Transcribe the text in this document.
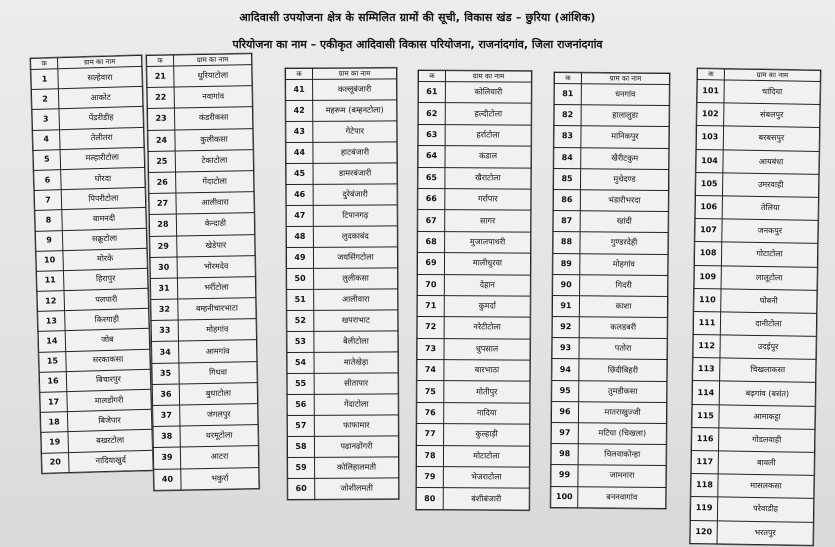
आदिवासी उपयोजना क्षेत्र के सम्मिलित ग्रामों की सूची, विकास खंड – छुरिया (आंशिक)
परियोजना का नाम – एकीकृत आदिवासी विकास परियोजना, राजनांदगांव, जिला राजनांदगांव
क	ग्राम का नाम
1	सल्हेवारा
2	आकोट
3	पेंडरीडीह
4	तेलीतरा
5	मल्हारीटोला
6	घोरदा
7	पिपरीटोला
8	बामनदी
9	सक्रूटोला
10	मोरके
11	हिरापुर
12	पलपारी
13	किरगाड़ी
14	जोब
15	सरकाकसा
16	बिचारपुर
17	मालडोंगरी
18	बिजेपार
19	बखरटोला
20	नादियाखुर्द
क	ग्राम का नाम
21	धुरियाटोला
22	नवागांव
23	कंडरीकसा
24	कुलीकसा
25	टेकाटोला
26	गेंदाटोला
27	आलीवारा
28	केन्दाडी
29	खेडेपार
30	भोरमदेव
31	भर्रीटोला
32	बम्हनीचारभाटा
33	मोहगांव
34	आमगांव
35	गिधवा
36	बुधाटोला
37	जंगलपुर
38	धरमूटोला
39	आटरा
40	भकुर्रा
क	ग्राम का नाम
41	कल्लूबंजारी
42	महरूम (बम्हनटोला)
43	गेटेपार
44	हाटबंजारी
45	डामरबंजारी
46	दुरेबंजारी
47	टिपानगढ़
48	लुदकाबंद
49	जयसिंगटोला
50	लुलीकसा
51	आलीवारा
52	खपराभाट
53	बैलीटोला
54	मातेखेड़ा
55	सीतापार
56	गेंदाटोला
57	फाफामार
58	पढानढोंगरी
59	कोलिहालमती
60	जोशीलमती
क	ग्राम का नाम
61	कोलियारी
62	हल्दीटोला
63	हर्राटोला
64	कंडाल
65	खैराटोला
66	गर्रापार
67	सागर
68	मुजालपाथरी
69	मालीधुरवा
70	देहान
71	कुमर्दा
72	नरेटीटोला
73	धुपसाल
74	बारभाठा
75	मोतीपुर
76	नादिया
77	कुल्हाड़ी
78	मोटाटोला
79	भेजराटोला
80	बंशीबंजारी
क	ग्राम का नाम
81	धनगांव
82	हालालुडा
83	मानिकपुर
84	खैरीटकुम
85	मुचेदण्ड
86	भंडारीभरदा
87	खांदी
88	गुण्डरदेही
89	मोहगांव
90	गिदरी
91	काशा
92	कलडबरी
93	पतोरा
94	छिंदीबिहरी
95	तुमडीकसा
96	मातराखुज्जी
97	मटिया (चिखला)
98	चिलवाकोन्हा
99	जामनारा
100	बननवागांव
क	ग्राम का नाम
101	चांदिया
102	संबलपुर
103	बरबसपुर
104	आयबंधा
105	उमरवाही
106	तेलिया
107	जनकपुर
108	गोटाटोला
109	लालूटोला
110	घोबनी
111	दानीटोला
112	उदईपुर
113	चिखलाकसा
114	बढ़गांव (बसंत)
115	आमाकट्टा
116	गोडलवाही
117	बावली
118	मासलकसा
119	परेवाडीह
120	भरतपुर
